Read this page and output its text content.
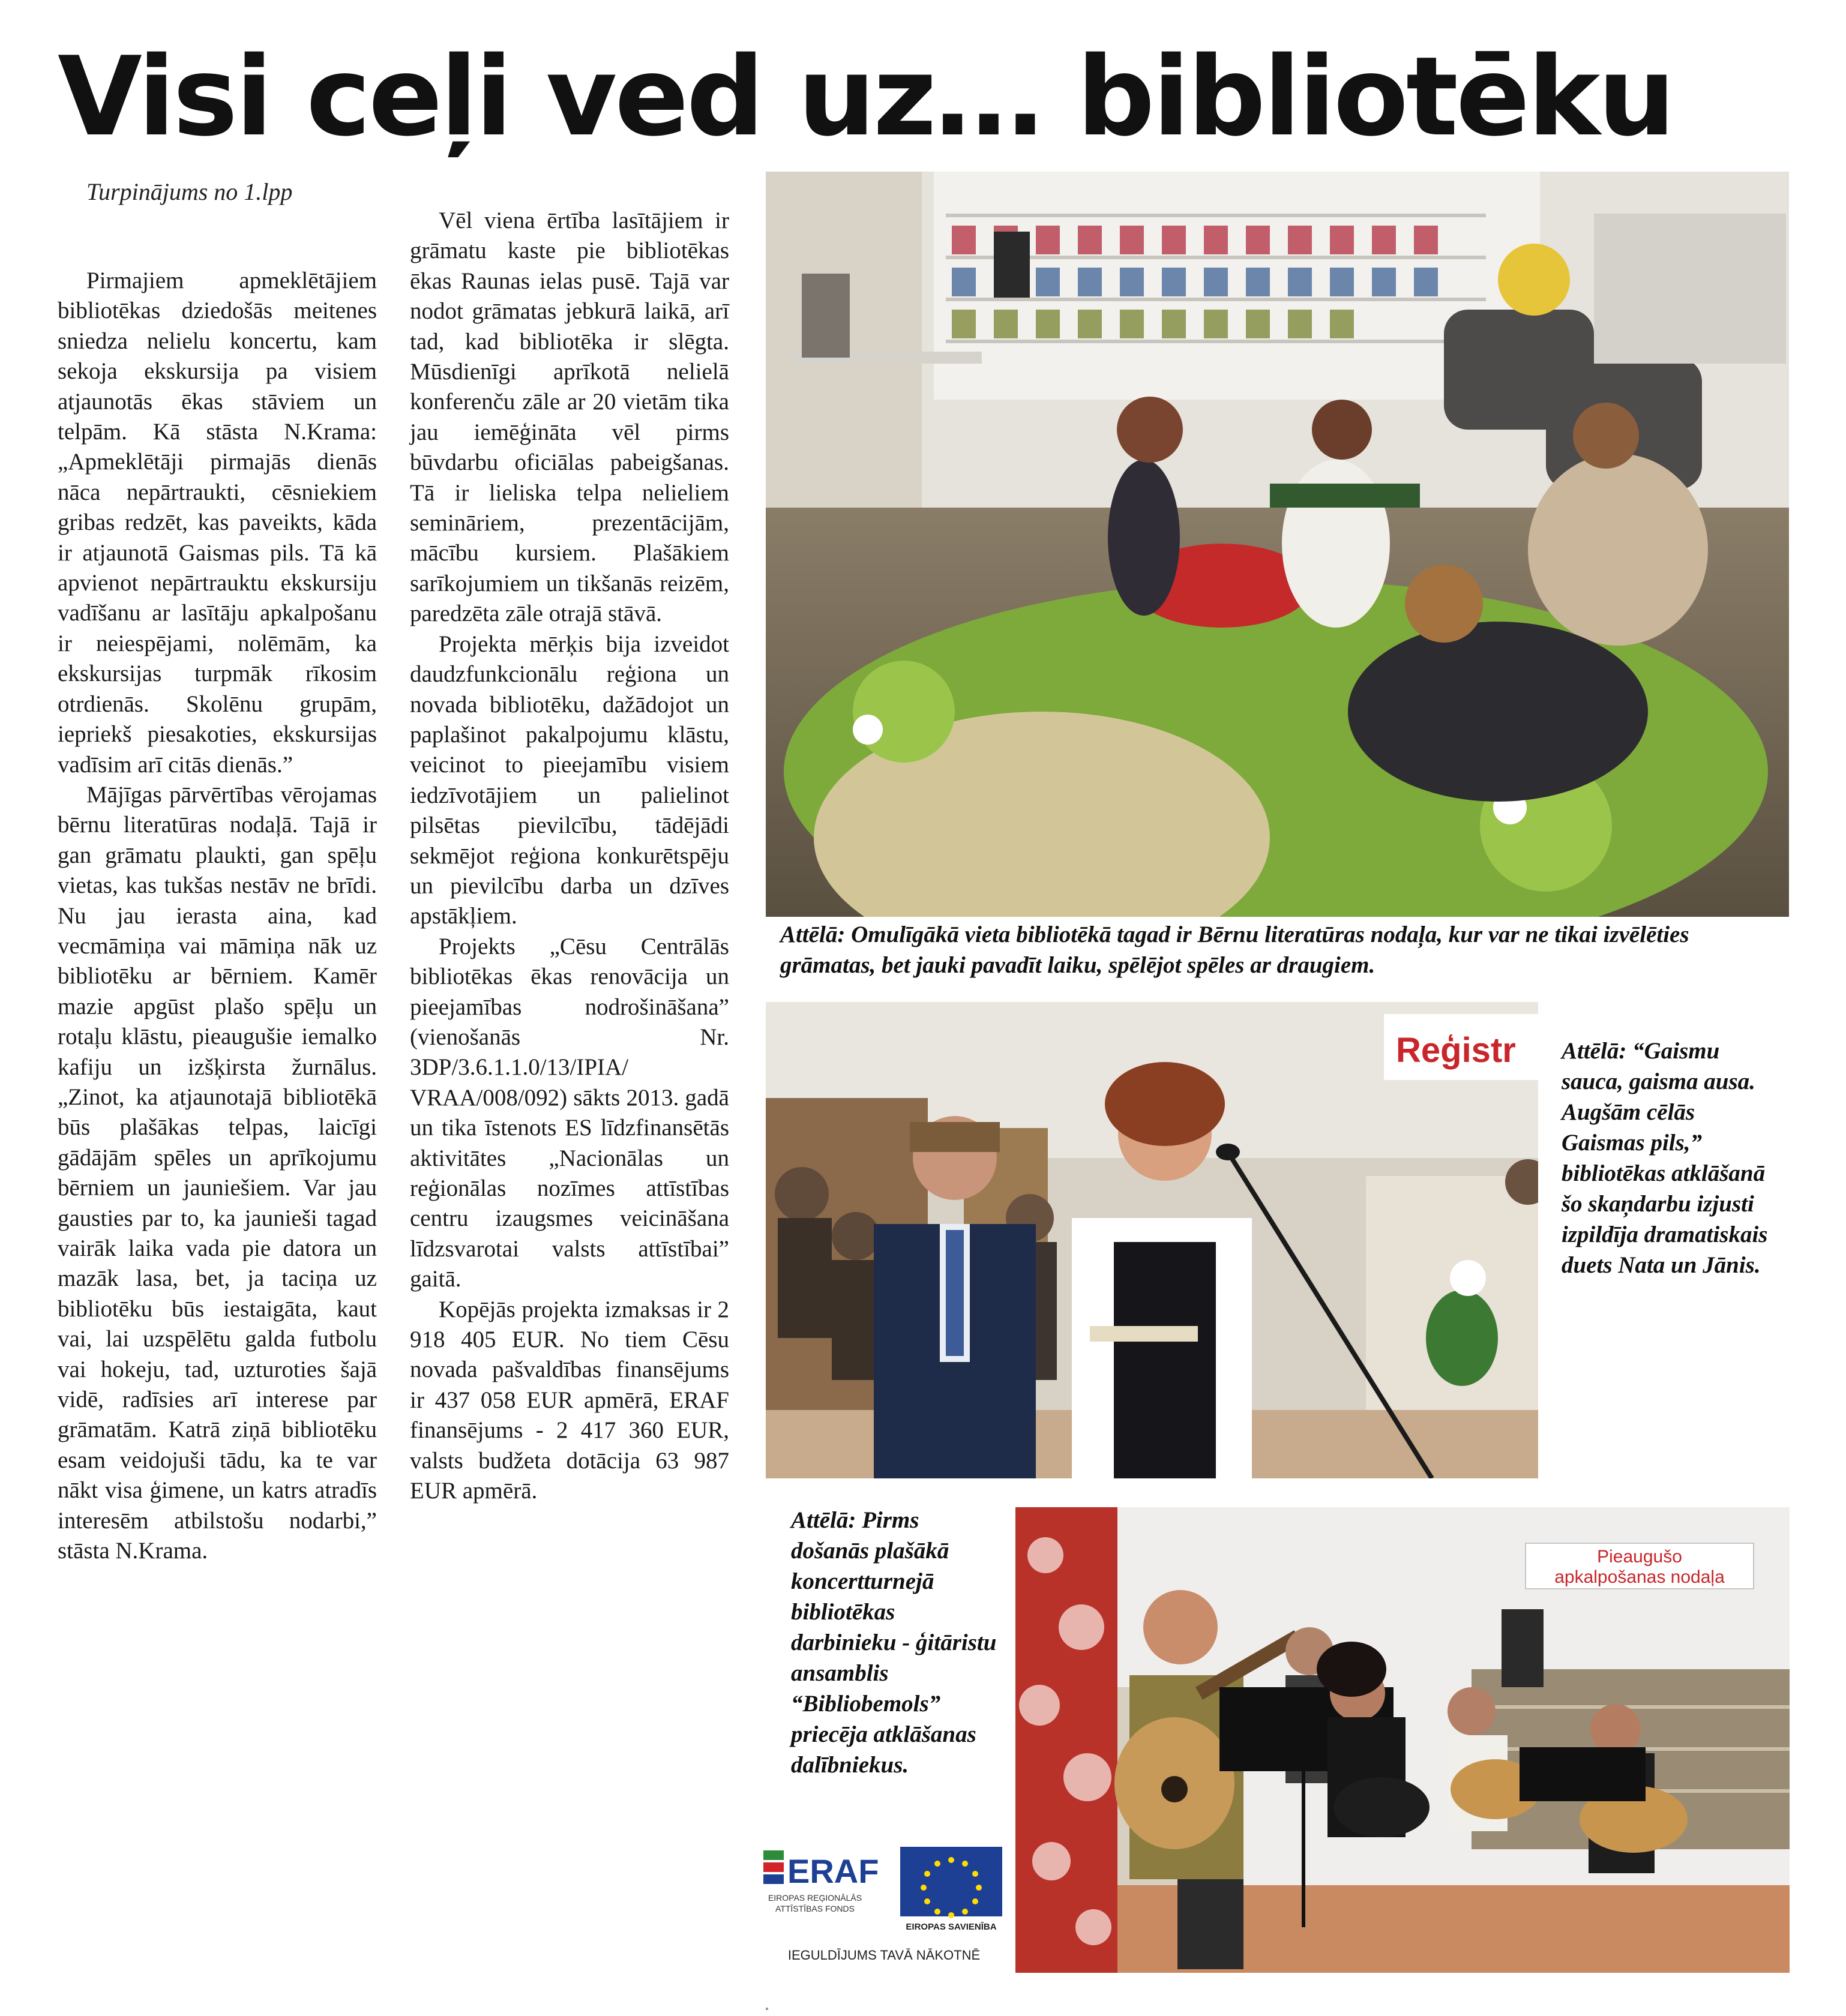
Visi ceļi ved uz… bibliotēku
Turpinājums no 1.lpp

Pirmajiem apmeklētājiem bibliotēkas dziedošās meitenes sniedza nelielu koncertu, kam sekoja ekskursija pa visiem atjaunotās ēkas stāviem un telpām. Kā stāsta N.Krama: „Apmeklētāji pirmajās dienās nāca nepārtraukti, cēsniekiem gribas redzēt, kas paveikts, kāda ir atjaunotā Gaismas pils. Tā kā apvienot nepārtrauktu ekskursiju vadīšanu ar lasītāju apkalpošanu ir neiespējami, nolēmām, ka ekskursijas turpmāk rīkosim otrdienās. Skolēnu grupām, iepriekš piesakoties, ekskursijas vadīsim arī citās dienās.”

Mājīgas pārvērtības vērojamas bērnu literatūras nodaļā. Tajā ir gan grāmatu plaukti, gan spēļu vietas, kas tukšas nestāv ne brīdi. Nu jau ierasta aina, kad vecmāmiņa vai māmiņa nāk uz bibliotēku ar bērniem. Kamēr mazie apgūst plašo spēļu un rotaļu klāstu, pieaugušie iemalko kafiju un izšķirsta žurnālus. „Zinot, ka atjaunotajā bibliotēkā būs plašākas telpas, laicīgi gādājām spēles un aprīkojumu bērniem un jauniešiem. Var jau gausties par to, ka jaunieši tagad vairāk laika vada pie datora un mazāk lasa, bet, ja taciņa uz bibliotēku būs iestaigāta, kaut vai, lai uzspēlētu galda futbolu vai hokeju, tad, uzturoties šajā vidē, radīsies arī interese par grāmatām. Katrā ziņā bibliotēku esam veidojuši tādu, ka te var nākt visa ģimene, un katrs atradīs interesēm atbilstošu nodarbi,” stāsta N.Krama.

Vēl viena ērtība lasītājiem ir grāmatu kaste pie bibliotēkas ēkas Raunas ielas pusē. Tajā var nodot grāmatas jebkurā laikā, arī tad, kad bibliotēka ir slēgta. Mūsdienīgi aprīkotā nelielā konferenču zāle ar 20 vietām tika jau iemēģināta vēl pirms būvdarbu oficiālas pabeigšanas. Tā ir lieliska telpa nelieliem semināriem, prezentācijām, mācību kursiem. Plašākiem sarīkojumiem un tikšanās reizēm, paredzēta zāle otrajā stāvā.

Projekta mērķis bija izveidot daudzfunkcionālu reģiona un novada bibliotēku, dažādojot un paplašinot pakalpojumu klāstu, veicinot to pieejamību visiem iedzīvotājiem un palielinot pilsētas pievilcību, tādējādi sekmējot reģiona konkurētspēju un pievilcību darba un dzīves apstākļiem.

Projekts „Cēsu Centrālās bibliotēkas ēkas renovācija un pieejamības nodrošināšana” (vienošanās Nr. 3DP/3.6.1.1.0/13/IPIA/ VRAA/008/092) sākts 2013. gadā un tika īstenots ES līdzfinansētās aktivitātes „Nacionālas un reģionālas nozīmes attīstības centru izaugsmes veicināšana līdzsvarotai valsts attīstībai” gaitā.

Kopējās projekta izmaksas ir 2 918 405 EUR. No tiem Cēsu novada pašvaldības finansējums ir 437 058 EUR apmērā, ERAF finansējums - 2 417 360 EUR, valsts budžeta dotācija 63 987 EUR apmērā.

Attēlā: Omulīgākā vieta bibliotēkā tagad ir Bērnu literatūras nodaļa, kur var ne tikai izvēlēties grāmatas, bet jauki pavadīt laiku, spēlējot spēles ar draugiem.
Reģistr Attēlā: “Gaismu sauca, gaisma ausa. Augšām cēlās Gaismas pils,” bibliotēkas atklāšanā šo skaņdarbu izjusti izpildīja dramatiskais duets Nata un Jānis.
Pieaugušo
apkalpošanas nodaļa
Attēlā: Pirms došanās plašākā koncertturnejā bibliotēkas darbinieku - ģitāristu ansamblis “Bibliobemols” priecēja atklāšanas dalībniekus.
ERAF
EIROPAS REĢIONĀLĀS
ATTĪSTĪBAS FONDS
EIROPAS SAVIENĪBA
IEGULDĪJUMS TAVĀ NĀKOTNĒ
